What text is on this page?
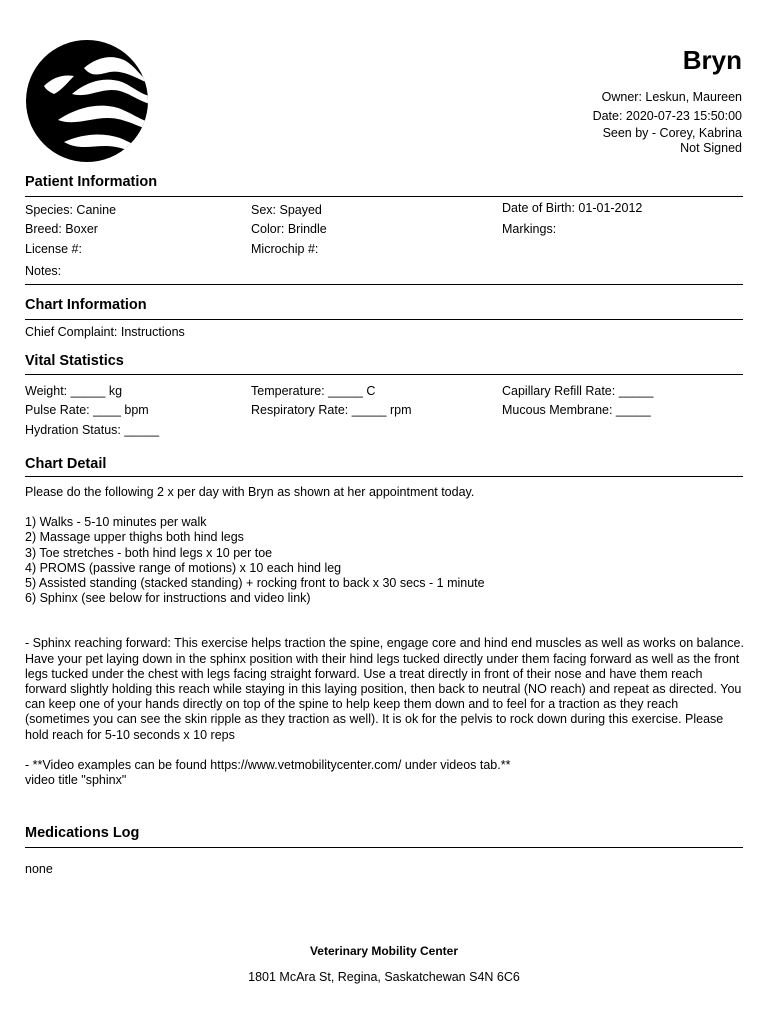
Bryn
Owner: Leskun, Maureen
Date: 2020-07-23 15:50:00
Seen by - Corey, Kabrina
Not Signed
Patient Information
Species: Canine
Breed: Boxer
License #:
Notes:
Sex: Spayed
Color: Brindle
Microchip #:
Date of Birth: 01-01-2012
Markings:
Chart Information
Chief Complaint: Instructions
Vital Statistics
Weight: _____ kg
Pulse Rate: ____ bpm
Hydration Status: _____
Temperature: _____ C
Respiratory Rate: _____ rpm
Capillary Refill Rate: _____
Mucous Membrane: _____
Chart Detail

Please do the following 2 x per day with Bryn as shown at her appointment today.

1) Walks - 5-10 minutes per walk

2) Massage upper thighs both hind legs

3) Toe stretches - both hind legs x 10 per toe

4) PROMS (passive range of motions) x 10 each hind leg

5) Assisted standing (stacked standing) + rocking front to back x 30 secs - 1 minute

6) Sphinx (see below for instructions and video link)

- Sphinx reaching forward: This exercise helps traction the spine, engage core and hind end muscles as well as works on balance. Have your pet laying down in the sphinx position with their hind legs tucked directly under them facing forward as well as the front legs tucked under the chest with legs facing straight forward. Use a treat directly in front of their nose and have them reach forward slightly holding this reach while staying in this laying position, then back to neutral (NO reach) and repeat as directed. You can keep one of your hands directly on top of the spine to help keep them down and to feel for a traction as they reach (sometimes you can see the skin ripple as they traction as well). It is ok for the pelvis to rock down during this exercise. Please hold reach for 5-10 seconds x 10 reps

- **Video examples can be found https://www.vetmobilitycenter.com/ under videos tab.**

video title "sphinx"

Medications Log
none
Veterinary Mobility Center
1801 McAra St, Regina, Saskatchewan S4N 6C6
